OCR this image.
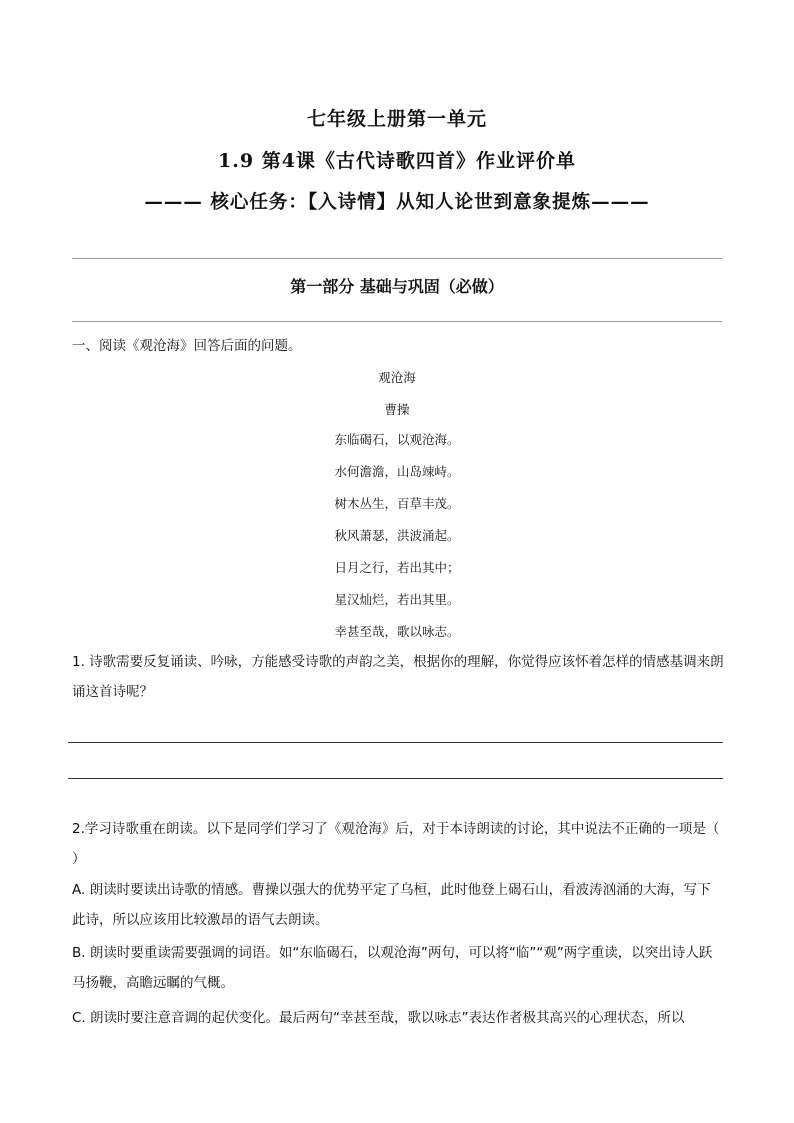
七年级上册第一单元
1.9 第4课《古代诗歌四首》作业评价单
——— 核心任务：【入诗情】从知人论世到意象提炼———
第一部分 基础与巩固（必做）

一、阅读《观沧海》回答后面的问题。

观沧海
曹操
东临碣石，以观沧海。
水何澹澹，山岛竦峙。
树木丛生，百草丰茂。
秋风萧瑟，洪波涌起。
日月之行，若出其中；
星汉灿烂，若出其里。
幸甚至哉，歌以咏志。

1. 诗歌需要反复诵读、吟咏，方能感受诗歌的声韵之美，根据你的理解，你觉得应该怀着怎样的情感基调来朗诵这首诗呢？

2.学习诗歌重在朗读。以下是同学们学习了《观沧海》后，对于本诗朗读的讨论，其中说法不正确的一项是（ ）

A. 朗读时要读出诗歌的情感。曹操以强大的优势平定了乌桓，此时他登上碣石山，看波涛汹涌的大海，写下此诗，所以应该用比较激昂的语气去朗读。

B. 朗读时要重读需要强调的词语。如“东临碣石，以观沧海”两句，可以将“临”“观”两字重读，以突出诗人跃马扬鞭，高瞻远瞩的气概。

C. 朗读时要注意音调的起伏变化。最后两句“幸甚至哉，歌以咏志”表达作者极其高兴的心理状态，所以
